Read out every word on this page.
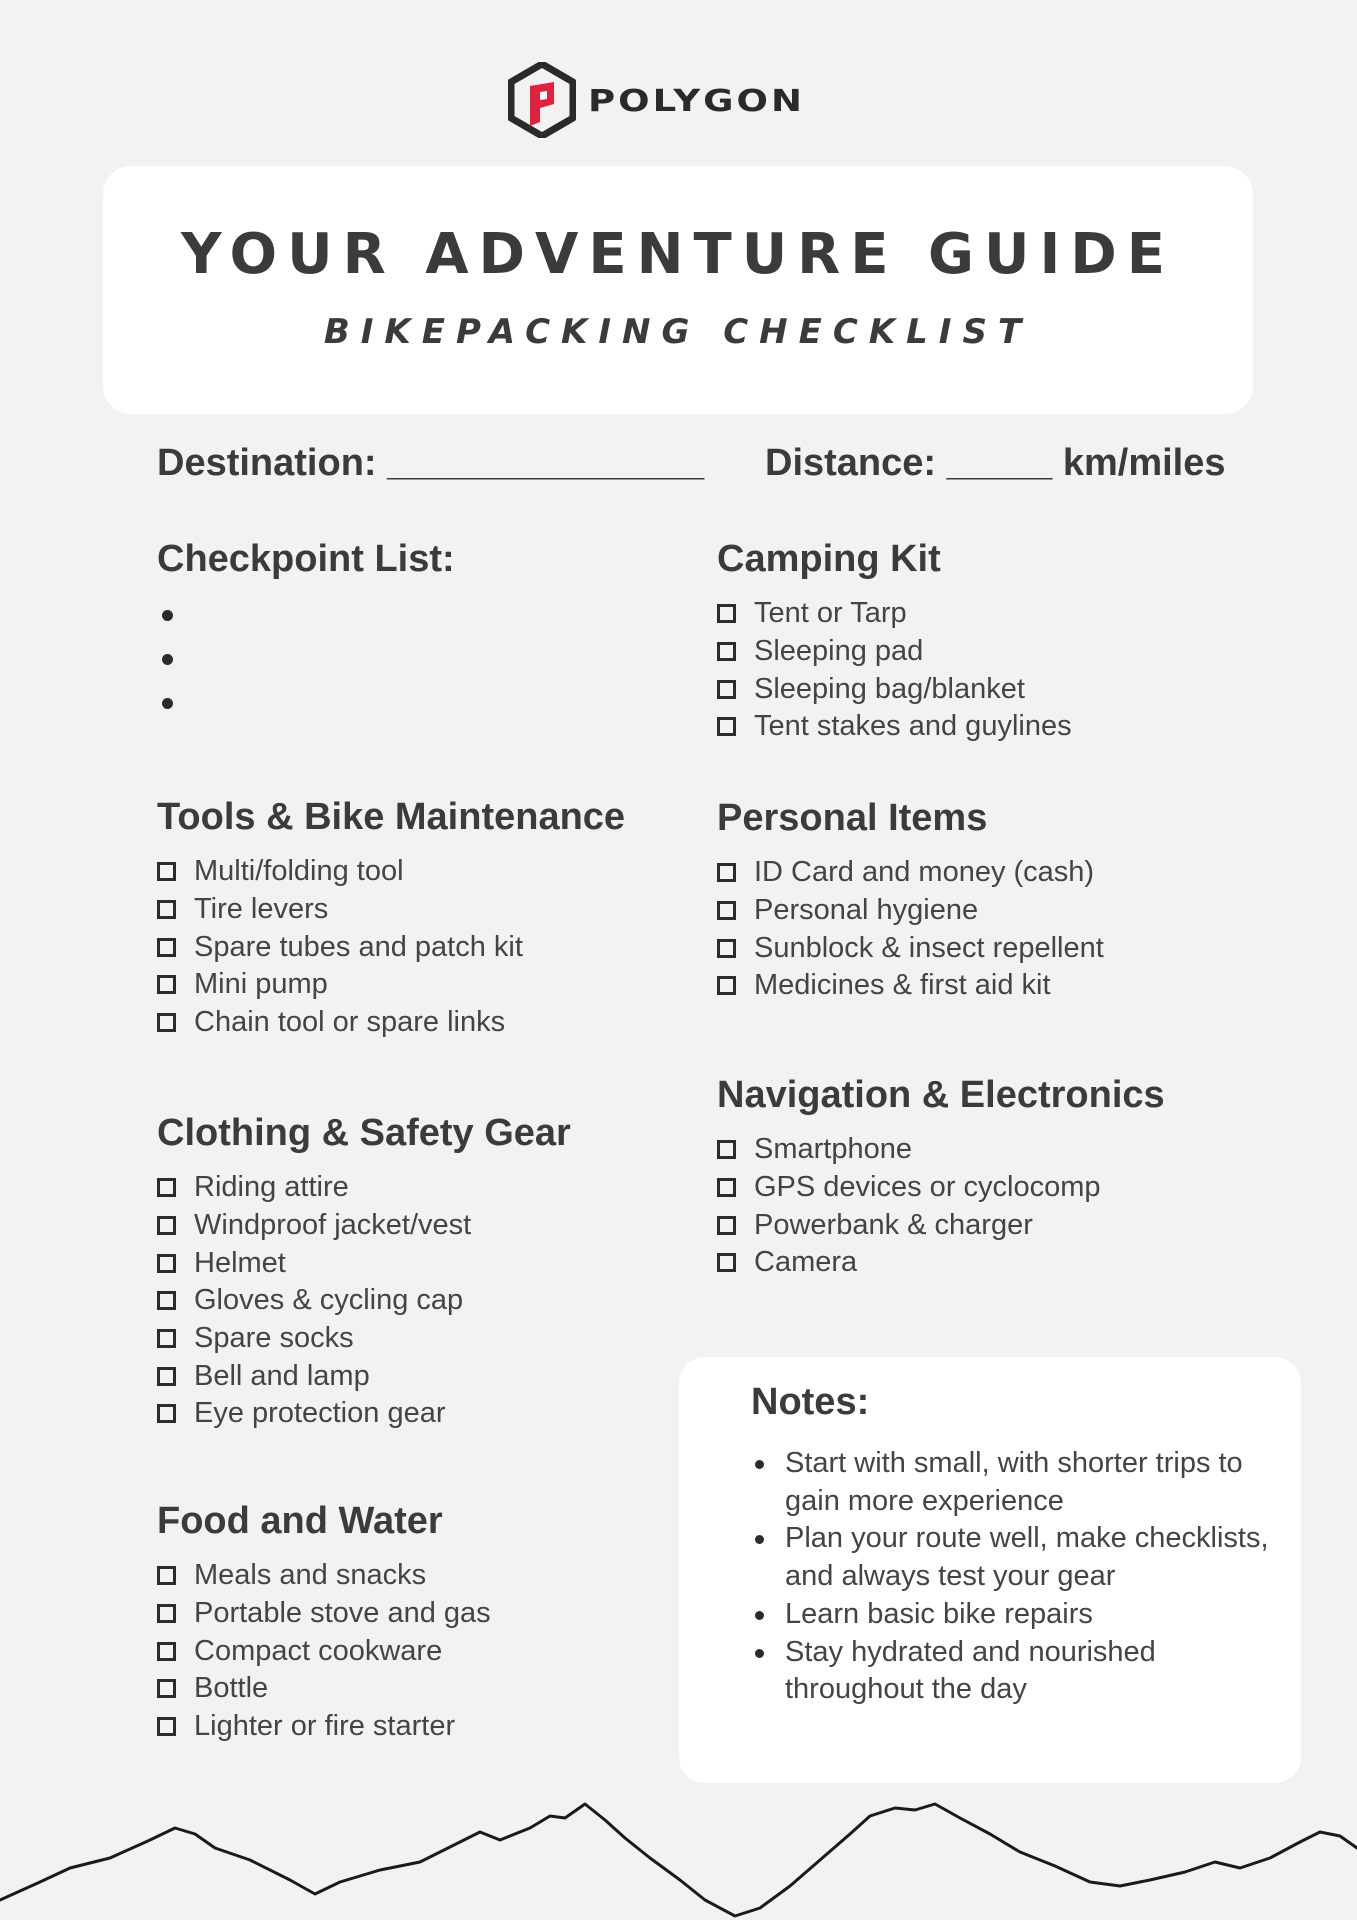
POLYGON
YOUR ADVENTURE GUIDE
BIKEPACKING CHECKLIST
Destination: _______________ Distance: _____ km/miles
Checkpoint List:
Tools & Bike Maintenance
Multi/folding tool
Tire levers
Spare tubes and patch kit
Mini pump
Chain tool or spare links
Clothing & Safety Gear
Riding attire
Windproof jacket/vest
Helmet
Gloves & cycling cap
Spare socks
Bell and lamp
Eye protection gear
Food and Water
Meals and snacks
Portable stove and gas
Compact cookware
Bottle
Lighter or fire starter
Camping Kit
Tent or Tarp
Sleeping pad
Sleeping bag/blanket
Tent stakes and guylines
Personal Items
ID Card and money (cash)
Personal hygiene
Sunblock & insect repellent
Medicines & first aid kit
Navigation & Electronics
Smartphone
GPS devices or cyclocomp
Powerbank & charger
Camera
Notes:
Start with small, with shorter trips to gain more experience
Plan your route well, make checklists, and always test your gear
Learn basic bike repairs
Stay hydrated and nourished throughout the day
